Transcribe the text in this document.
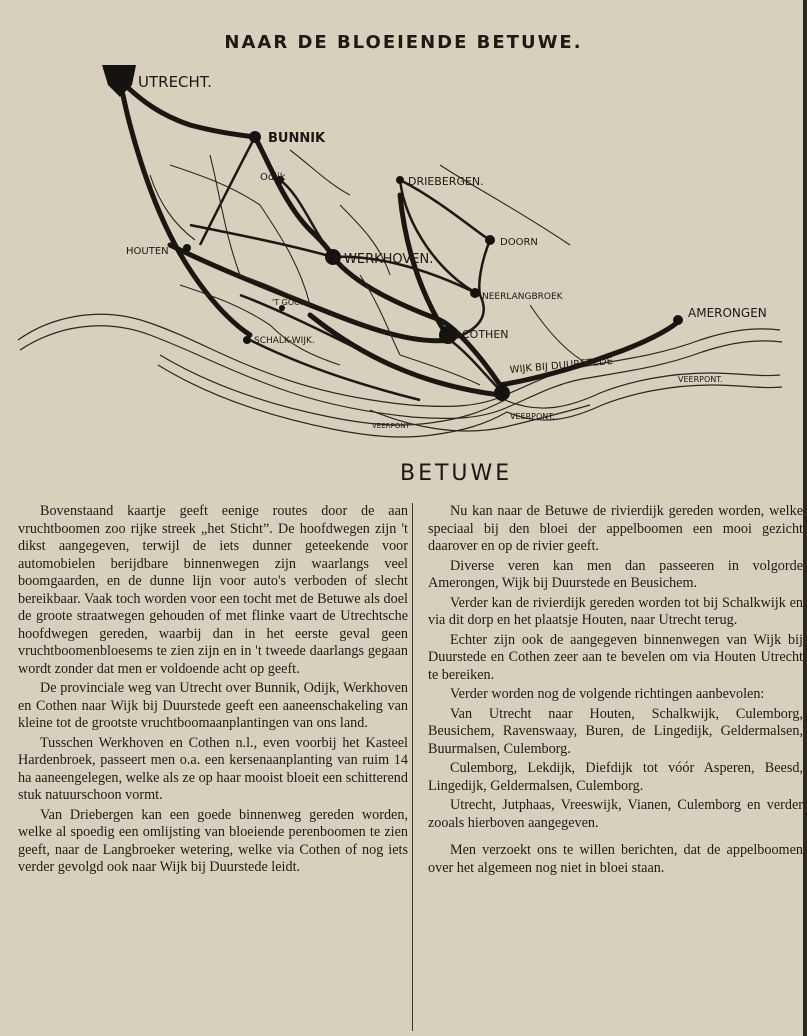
NAAR DE BLOEIENDE BETUWE.
UTRECHT.
BUNNIK
Odijk	DRIEBERGEN.
HOUTEN
WERKHOVEN.
DOORN
NEERLANGBROEK
'T GOOI
SCHALK-WIJK.	COTHEN
AMERONGEN
WIJK BIJ DUURSTEDE
VEERPONT.
VEERPONT.
VEERPONT
BETUWE

Bovenstaand kaartje geeft eenige routes door de aan vruchtboomen zoo rijke streek „het Sticht”. De hoofdwegen zijn 't dikst aangegeven, terwijl de iets dunner geteekende voor automobielen berijdbare binnenwegen zijn waarlangs veel boomgaarden, en de dunne lijn voor auto's verboden of slecht bereikbaar. Vaak toch worden voor een tocht met de Betuwe als doel de groote straatwegen gehouden of met flinke vaart de Utrechtsche hoofdwegen gereden, waarbij dan in het eerste geval geen vruchtboomenbloesems te zien zijn en in 't tweede daarlangs gegaan wordt zonder dat men er voldoende acht op geeft.

De provinciale weg van Utrecht over Bunnik, Odijk, Werkhoven en Cothen naar Wijk bij Duurstede geeft een aaneenschakeling van kleine tot de grootste vruchtboomaanplantingen van ons land.

Tusschen Werkhoven en Cothen n.l., even voorbij het Kasteel Hardenbroek, passeert men o.a. een kersenaanplanting van ruim 14 ha aaneengelegen, welke als ze op haar mooist bloeit een schitterend stuk natuurschoon vormt.

Van Driebergen kan een goede binnenweg gereden worden, welke al spoedig een omlijsting van bloeiende perenboomen te zien geeft, naar de Langbroeker wetering, welke via Cothen of nog iets verder gevolgd ook naar Wijk bij Duurstede leidt.

Nu kan naar de Betuwe de rivierdijk gereden worden, welke speciaal bij den bloei der appelboomen een mooi gezicht daarover en op de rivier geeft.

Diverse veren kan men dan passeeren in volgorde Amerongen, Wijk bij Duurstede en Beusichem.

Verder kan de rivierdijk gereden worden tot bij Schalkwijk en via dit dorp en het plaatsje Houten, naar Utrecht terug.

Echter zijn ook de aangegeven binnenwegen van Wijk bij Duurstede en Cothen zeer aan te bevelen om via Houten Utrecht te bereiken.

Verder worden nog de volgende richtingen aanbevolen:

Van Utrecht naar Houten, Schalkwijk, Culemborg, Beusichem, Ravenswaay, Buren, de Lingedijk, Geldermalsen, Buurmalsen, Culemborg.

Culemborg, Lekdijk, Diefdijk tot vóór Asperen, Beesd, Lingedijk, Geldermalsen, Culemborg.

Utrecht, Jutphaas, Vreeswijk, Vianen, Culemborg en verder zooals hierboven aangegeven.

Men verzoekt ons te willen berichten, dat de appelboomen over het algemeen nog niet in bloei staan.
